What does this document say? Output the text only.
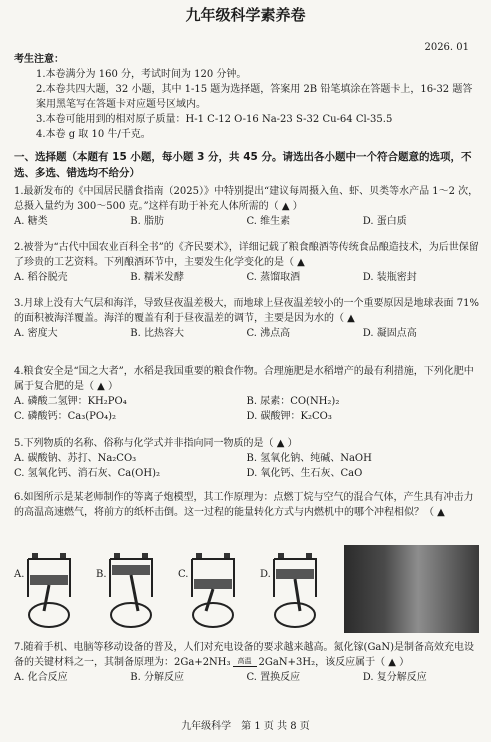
九年级科学素养卷
2026. 01
考生注意：
1.本卷满分为 160 分，考试时间为 120 分钟。
2.本卷共四大题，32 小题，其中 1-15 题为选择题，答案用 2B 铅笔填涂在答题卡上，16-32 题答案用黑笔写在答题卡对应题号区域内。
3.本卷可能用到的相对原子质量：H-1 C-12 O-16 Na-23 S-32 Cu-64 Cl-35.5
4.本卷 g 取 10 牛/千克。
一、选择题（本题有 15 小题，每小题 3 分，共 45 分。请选出各小题中一个符合题意的选项，不选、多选、错选均不给分）
1.最新发布的《中国居民膳食指南（2025）》中特别提出“建议每周摄入鱼、虾、贝类等水产品 1～2 次，总摄入量约为 300～500 克。”这样有助于补充人体所需的（ ▲ ）
A. 糖类	B. 脂肪	C. 维生素	D. 蛋白质
2.被誉为“古代中国农业百科全书”的《齐民要术》，详细记载了粮食酿酒等传统食品酿造技术，为后世保留了珍贵的工艺资料。下列酿酒环节中，主要发生化学变化的是（ ▲
A. 稻谷脱壳	B. 糯米发酵	C. 蒸馏取酒	D. 装瓶密封
3.月球上没有大气层和海洋，导致昼夜温差极大，而地球上昼夜温差较小的一个重要原因是地球表面 71%的面积被海洋覆盖。海洋的覆盖有利于昼夜温差的调节，主要是因为水的（ ▲
A. 密度大	B. 比热容大	C. 沸点高	D. 凝固点高
4.粮食安全是“国之大者”，水稻是我国重要的粮食作物。合理施肥是水稻增产的最有利措施，下列化肥中属于复合肥的是（ ▲ ）
A. 磷酸二氢钾：KH₂PO₄	B. 尿素：CO(NH₂)₂
C. 磷酸钙：Ca₃(PO₄)₂	D. 碳酸钾：K₂CO₃
5.下列物质的名称、俗称与化学式并非指向同一物质的是（ ▲ ）
A. 碳酸钠、苏打、Na₂CO₃	B. 氢氧化钠、纯碱、NaOH
C. 氢氧化钙、消石灰、Ca(OH)₂	D. 氧化钙、生石灰、CaO
6.如图所示是某老师制作的等离子炮模型，其工作原理为：点燃丁烷与空气的混合气体，产生具有冲击力的高温高速燃气，将前方的纸杯击倒。这一过程的能量转化方式与内燃机中的哪个冲程相似？（ ▲
A.	B.	C.	D.
7.随着手机、电脑等移动设备的普及，人们对充电设备的要求越来越高。氮化镓(GaN)是制备高效充电设备的关键材料之一，其制备原理为：2Ga+2NH₃	高温 2GaN+3H₂，该反应属于（ ▲ ）
A. 化合反应	B. 分解反应	C. 置换反应	D. 复分解反应
九年级科学　第 1 页 共 8 页
